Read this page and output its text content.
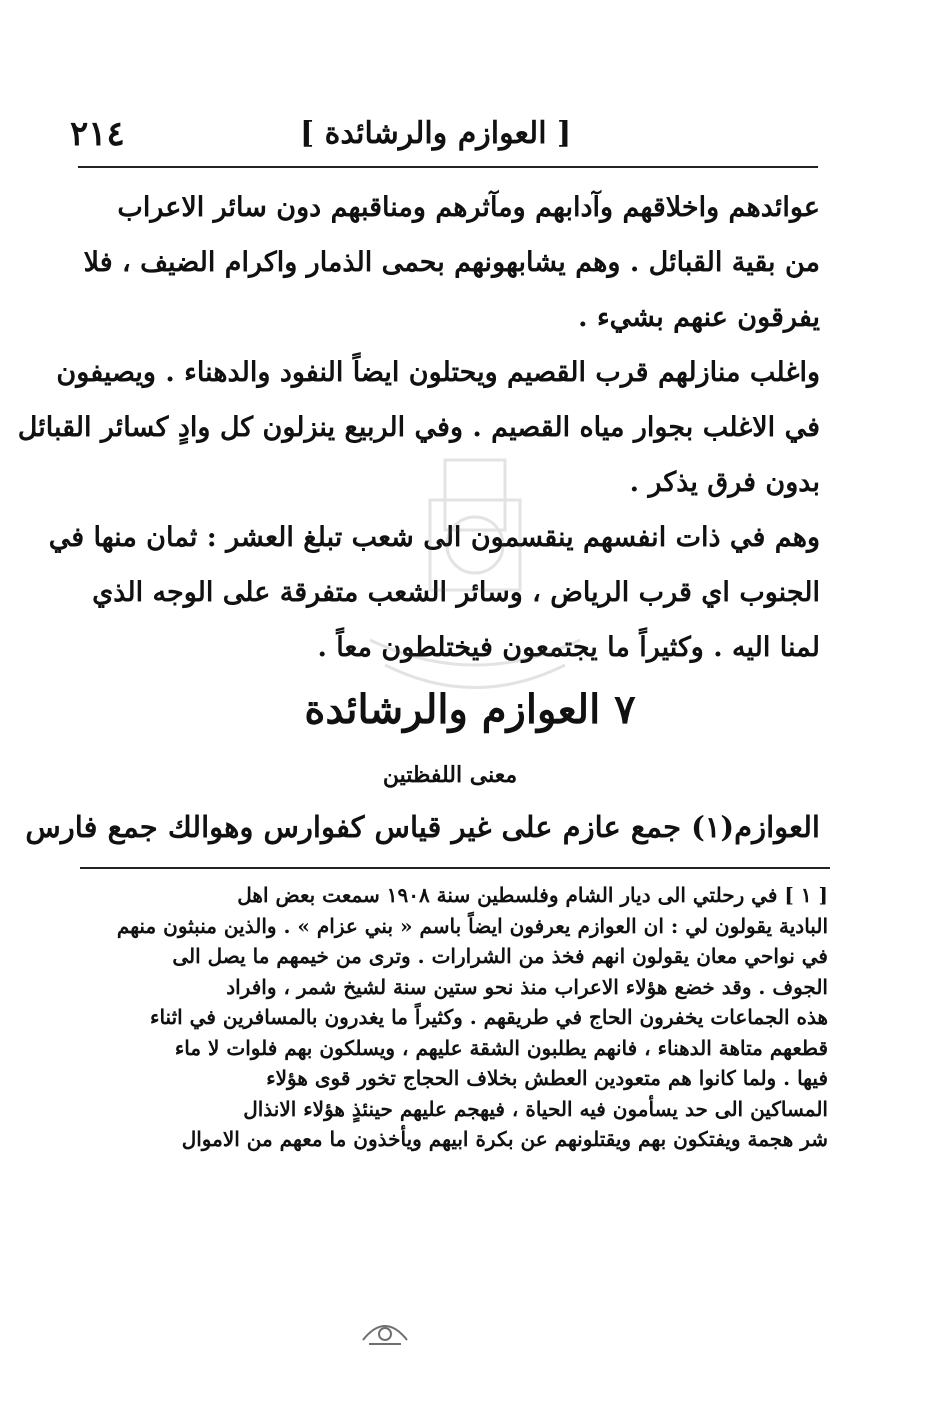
٢١٤	[ العوازم والرشائدة ]

عوائدهم واخلاقهم وآدابهم ومآثرهم ومناقبهم دون سائر الاعراب
من بقية القبائل . وهم يشابهونهم بحمى الذمار واكرام الضيف ، فلا
يفرقون عنهم بشيء .

واغلب منازلهم قرب القصيم ويحتلون ايضاً النفود والدهناء . ويصيفون
في الاغلب بجوار مياه القصيم . وفي الربيع ينزلون كل وادٍ كسائر القبائل
بدون فرق يذكر .

وهم في ذات انفسهم ينقسمون الى شعب تبلغ العشر : ثمان منها في
الجنوب اي قرب الرياض ، وسائر الشعب متفرقة على الوجه الذي
لمنا اليه . وكثيراً ما يجتمعون فيختلطون معاً .

٧ العوازم والرشائدة
معنى اللفظتين

العوازم(١) جمع عازم على غير قياس كفوارس وهوالك جمع فارس

[ ١ ] في رحلتي الى ديار الشام وفلسطين سنة ١٩٠٨ سمعت بعض اهل
البادية يقولون لي : ان العوازم يعرفون ايضاً باسم « بني عزام » . والذين منبثون منهم
في نواحي معان يقولون انهم فخذ من الشرارات . وترى من خيمهم ما يصل الى
الجوف . وقد خضع هؤلاء الاعراب منذ نحو ستين سنة لشيخ شمر ، وافراد
هذه الجماعات يخفرون الحاج في طريقهم . وكثيراً ما يغدرون بالمسافرين في اثناء
قطعهم متاهة الدهناء ، فانهم يطلبون الشقة عليهم ، ويسلكون بهم فلوات لا ماء
فيها . ولما كانوا هم متعودين العطش بخلاف الحجاج تخور قوى هؤلاء
المساكين الى حد يسأمون فيه الحياة ، فيهجم عليهم حينئذٍ هؤلاء الانذال
شر هجمة ويفتكون بهم ويقتلونهم عن بكرة ابيهم ويأخذون ما معهم من الاموال
